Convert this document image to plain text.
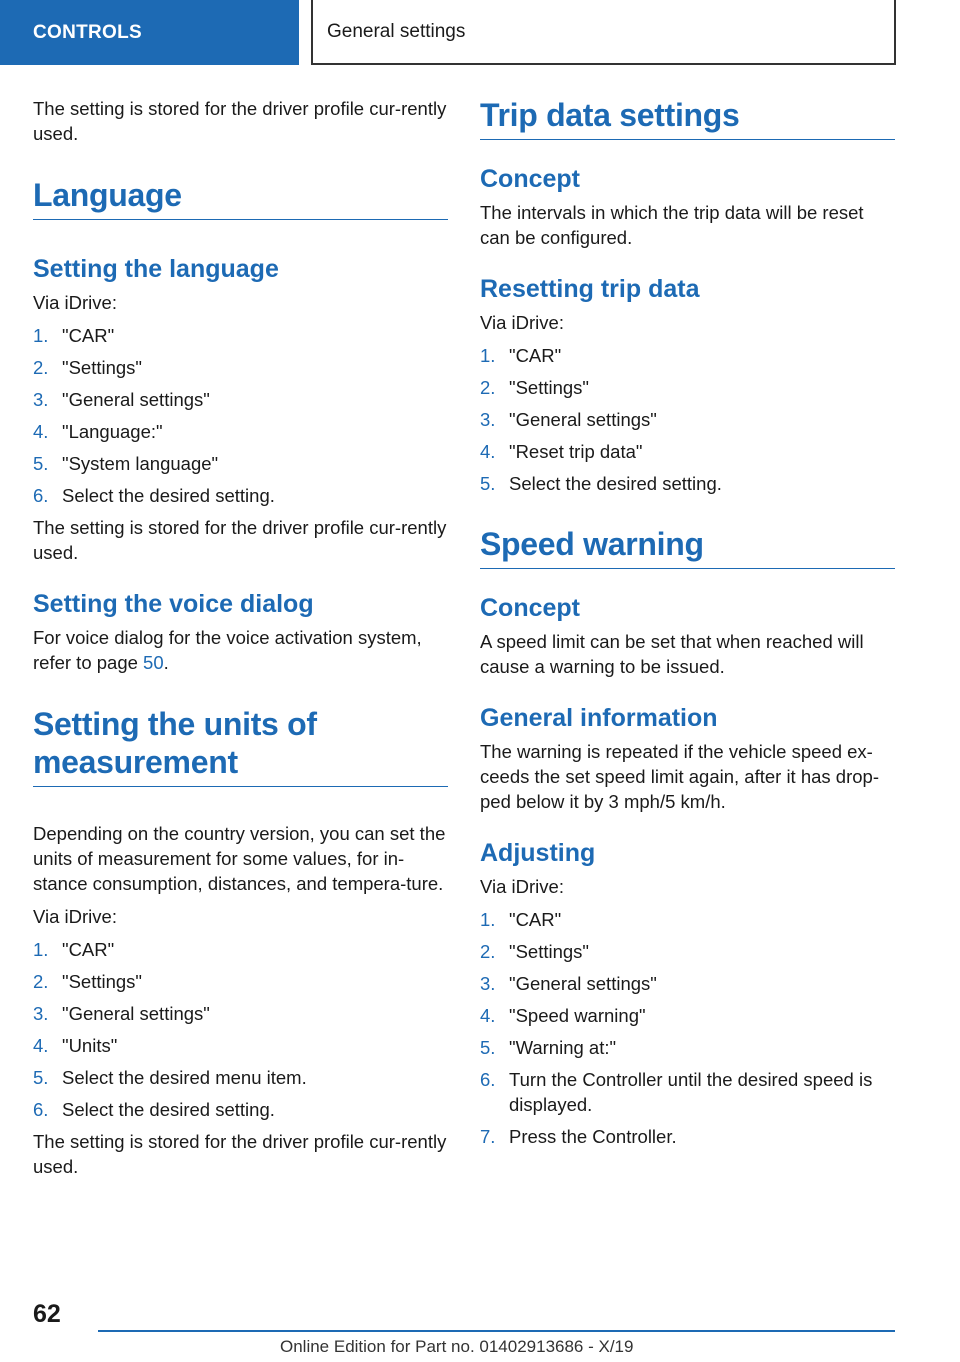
CONTROLS	General settings

The setting is stored for the driver profile cur-rently used.

Language
Setting the language

Via iDrive:

1. "CAR"
2. "Settings"
3. "General settings"
4. "Language:"
5. "System language"
6. Select the desired setting.

The setting is stored for the driver profile cur-rently used.

Setting the voice dialog

For voice dialog for the voice activation system, refer to page 50.

Setting the units of measurement

Depending on the country version, you can set the units of measurement for some values, for in-stance consumption, distances, and tempera-ture.

Via iDrive:

1. "CAR"
2. "Settings"
3. "General settings"
4. "Units"
5. Select the desired menu item.
6. Select the desired setting.

The setting is stored for the driver profile cur-rently used.

Trip data settings
Concept

The intervals in which the trip data will be reset can be configured.

Resetting trip data

Via iDrive:

1. "CAR"
2. "Settings"
3. "General settings"
4. "Reset trip data"
5. Select the desired setting.
Speed warning
Concept

A speed limit can be set that when reached will cause a warning to be issued.

General information

The warning is repeated if the vehicle speed ex-ceeds the set speed limit again, after it has drop-ped below it by 3 mph/5 km/h.

Adjusting

Via iDrive:

1. "CAR"
2. "Settings"
3. "General settings"
4. "Speed warning"
5. "Warning at:"
6. Turn the Controller until the desired speed is displayed.
7. Press the Controller.
62
Online Edition for Part no. 01402913686 - X/19
